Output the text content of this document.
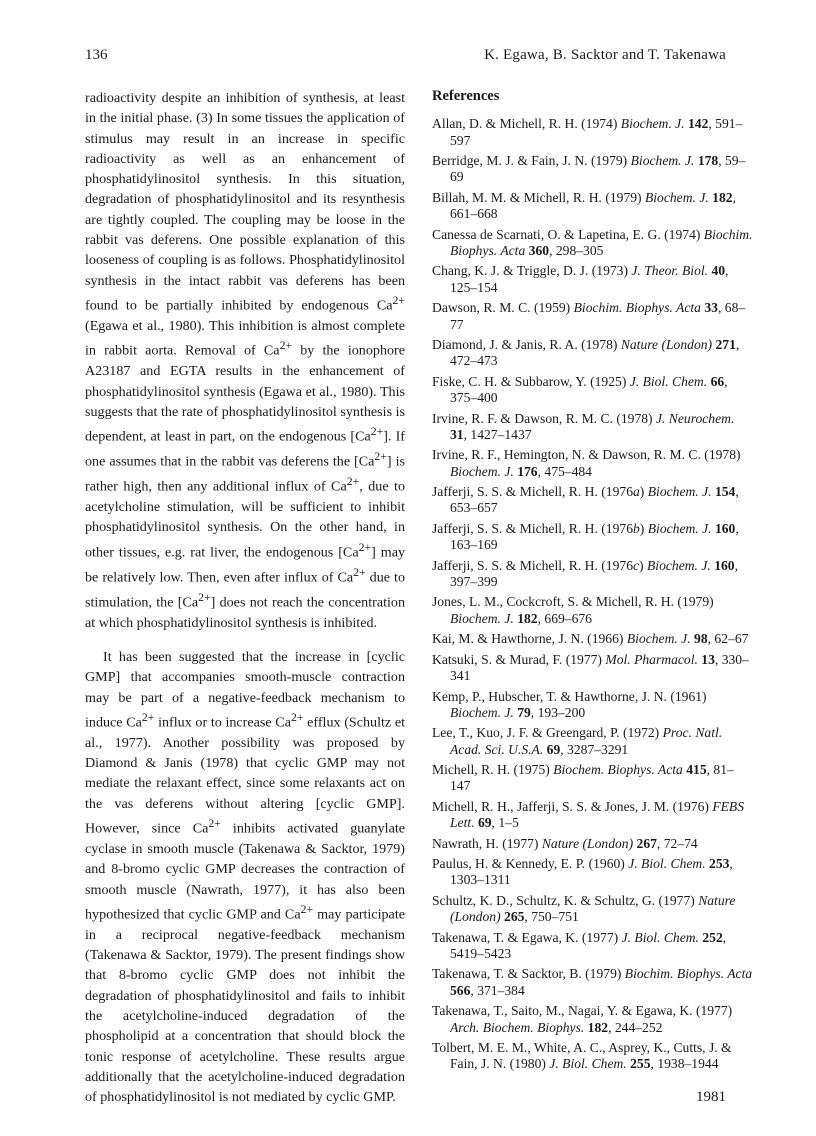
136	K. Egawa, B. Sacktor and T. Takenawa

radioactivity despite an inhibition of synthesis, at least in the initial phase. (3) In some tissues the application of stimulus may result in an increase in specific radioactivity as well as an enhancement of phosphatidylinositol synthesis. In this situation, degradation of phosphatidylinositol and its resynthesis are tightly coupled. The coupling may be loose in the rabbit vas deferens. One possible explanation of this looseness of coupling is as follows. Phosphatidylinositol synthesis in the intact rabbit vas deferens has been found to be partially inhibited by endogenous $Ca^{2+}$ (Egawa et al., 1980). This inhibition is almost complete in rabbit aorta. Removal of $Ca^{2+}$ by the ionophore A23187 and EGTA results in the enhancement of phosphatidylinositol synthesis (Egawa et al., 1980). This suggests that the rate of phosphatidylinositol synthesis is dependent, at least in part, on the endogenous $[Ca^{2+}]$. If one assumes that in the rabbit vas deferens the $[Ca^{2+}]$ is rather high, then any additional influx of $Ca^{2+}$, due to acetylcholine stimulation, will be sufficient to inhibit phosphatidylinositol synthesis. On the other hand, in other tissues, e.g. rat liver, the endogenous $[Ca^{2+}]$ may be relatively low. Then, even after influx of $Ca^{2+}$ due to stimulation, the $[Ca^{2+}]$ does not reach the concentration at which phosphatidylinositol synthesis is inhibited.

It has been suggested that the increase in [cyclic GMP] that accompanies smooth-muscle contraction may be part of a negative-feedback mechanism to induce $Ca^{2+}$ influx or to increase $Ca^{2+}$ efflux (Schultz et al., 1977). Another possibility was proposed by Diamond & Janis (1978) that cyclic GMP may not mediate the relaxant effect, since some relaxants act on the vas deferens without altering [cyclic GMP]. However, since $Ca^{2+}$ inhibits activated guanylate cyclase in smooth muscle (Takenawa & Sacktor, 1979) and 8-bromo cyclic GMP decreases the contraction of smooth muscle (Nawrath, 1977), it has also been hypothesized that cyclic GMP and $Ca^{2+}$ may participate in a reciprocal negative-feedback mechanism (Takenawa & Sacktor, 1979). The present findings show that 8-bromo cyclic GMP does not inhibit the degradation of phosphatidylinositol and fails to inhibit the acetylcholine-induced degradation of the phospholipid at a concentration that should block the tonic response of acetylcholine. These results argue additionally that the acetylcholine-induced degradation of phosphatidylinositol is not mediated by cyclic GMP.

References
Allan, D. & Michell, R. H. (1974) Biochem. J. 142, 591–597
Berridge, M. J. & Fain, J. N. (1979) Biochem. J. 178, 59–69
Billah, M. M. & Michell, R. H. (1979) Biochem. J. 182, 661–668
Canessa de Scarnati, O. & Lapetina, E. G. (1974) Biochim. Biophys. Acta 360, 298–305
Chang, K. J. & Triggle, D. J. (1973) J. Theor. Biol. 40, 125–154
Dawson, R. M. C. (1959) Biochim. Biophys. Acta 33, 68–77
Diamond, J. & Janis, R. A. (1978) Nature (London) 271, 472–473
Fiske, C. H. & Subbarow, Y. (1925) J. Biol. Chem. 66, 375–400
Irvine, R. F. & Dawson, R. M. C. (1978) J. Neurochem. 31, 1427–1437
Irvine, R. F., Hemington, N. & Dawson, R. M. C. (1978) Biochem. J. 176, 475–484
Jafferji, S. S. & Michell, R. H. (1976a) Biochem. J. 154, 653–657
Jafferji, S. S. & Michell, R. H. (1976b) Biochem. J. 160, 163–169
Jafferji, S. S. & Michell, R. H. (1976c) Biochem. J. 160, 397–399
Jones, L. M., Cockcroft, S. & Michell, R. H. (1979) Biochem. J. 182, 669–676
Kai, M. & Hawthorne, J. N. (1966) Biochem. J. 98, 62–67
Katsuki, S. & Murad, F. (1977) Mol. Pharmacol. 13, 330–341
Kemp, P., Hubscher, T. & Hawthorne, J. N. (1961) Biochem. J. 79, 193–200
Lee, T., Kuo, J. F. & Greengard, P. (1972) Proc. Natl. Acad. Sci. U.S.A. 69, 3287–3291
Michell, R. H. (1975) Biochem. Biophys. Acta 415, 81–147
Michell, R. H., Jafferji, S. S. & Jones, J. M. (1976) FEBS Lett. 69, 1–5
Nawrath, H. (1977) Nature (London) 267, 72–74
Paulus, H. & Kennedy, E. P. (1960) J. Biol. Chem. 253, 1303–1311
Schultz, K. D., Schultz, K. & Schultz, G. (1977) Nature (London) 265, 750–751
Takenawa, T. & Egawa, K. (1977) J. Biol. Chem. 252, 5419–5423
Takenawa, T. & Sacktor, B. (1979) Biochim. Biophys. Acta 566, 371–384
Takenawa, T., Saito, M., Nagai, Y. & Egawa, K. (1977) Arch. Biochem. Biophys. 182, 244–252
Tolbert, M. E. M., White, A. C., Asprey, K., Cutts, J. & Fain, J. N. (1980) J. Biol. Chem. 255, 1938–1944
1981
